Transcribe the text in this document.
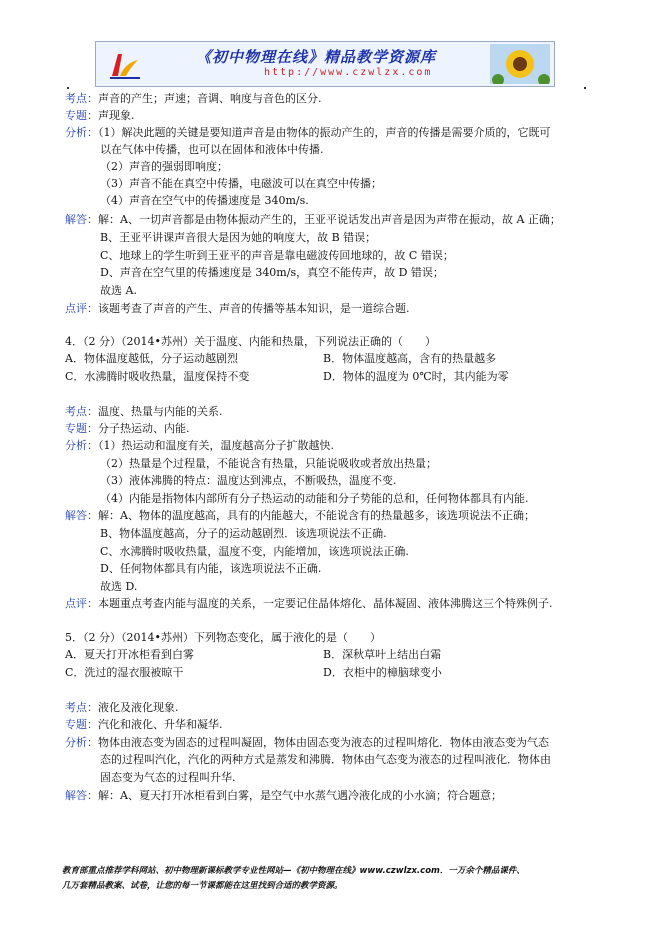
《初中物理在线》精品教学资源库
http://www.czwlzx.com
考点：声音的产生；声速；音调、响度与音色的区分.
专题：声现象.
分析：（1）解决此题的关键是要知道声音是由物体的振动产生的，声音的传播是需要介质的，它既可
以在气体中传播，也可以在固体和液体中传播.
（2）声音的强弱即响度；
（3）声音不能在真空中传播，电磁波可以在真空中传播；
（4）声音在空气中的传播速度是 340m/s.
解答：解：A、一切声音都是由物体振动产生的，王亚平说话发出声音是因为声带在振动，故 A 正确；
B、王亚平讲课声音很大是因为她的响度大，故 B 错误；
C、地球上的学生听到王亚平的声音是靠电磁波传回地球的，故 C 错误；
D、声音在空气里的传播速度是 340m/s，真空不能传声，故 D 错误；
故选 A.
点评：该题考查了声音的产生、声音的传播等基本知识，是一道综合题.
4．（2 分）（2014•苏州）关于温度、内能和热量，下列说法正确的（　　）
A．物体温度越低，分子运动越剧烈	B．物体温度越高，含有的热量越多
C．水沸腾时吸收热量，温度保持不变	D．物体的温度为 0℃时，其内能为零
考点：温度、热量与内能的关系.
专题：分子热运动、内能.
分析：（1）热运动和温度有关，温度越高分子扩散越快.
（2）热量是个过程量，不能说含有热量，只能说吸收或者放出热量；
（3）液体沸腾的特点：温度达到沸点，不断吸热，温度不变.
（4）内能是指物体内部所有分子热运动的动能和分子势能的总和，任何物体都具有内能.
解答：解：A、物体的温度越高，具有的内能越大，不能说含有的热量越多，该选项说法不正确；
B、物体温度越高，分子的运动越剧烈．该选项说法不正确.
C、水沸腾时吸收热量，温度不变，内能增加，该选项说法正确.
D、任何物体都具有内能，该选项说法不正确.
故选 D.
点评：本题重点考查内能与温度的关系，一定要记住晶体熔化、晶体凝固、液体沸腾这三个特殊例子.
5．（2 分）（2014•苏州）下列物态变化，属于液化的是（　　）
A．夏天打开冰柜看到白雾	B．深秋草叶上结出白霜
C．洗过的湿衣服被晾干	D．衣柜中的樟脑球变小
考点：液化及液化现象.
专题：汽化和液化、升华和凝华.
分析：物体由液态变为固态的过程叫凝固，物体由固态变为液态的过程叫熔化．物体由液态变为气态
态的过程叫汽化，汽化的两种方式是蒸发和沸腾．物体由气态变为液态的过程叫液化．物体由
固态变为气态的过程叫升华.
解答：解：A、夏天打开冰柜看到白雾，是空气中水蒸气遇冷液化成的小水滴；符合题意；
教育部重点推荐学科网站、初中物理新课标教学专业性网站—《初中物理在线》www.czwlzx.com．一万余个精品课件、
几万套精品教案、试卷，让您的每一节课都能在这里找到合适的教学资源。
